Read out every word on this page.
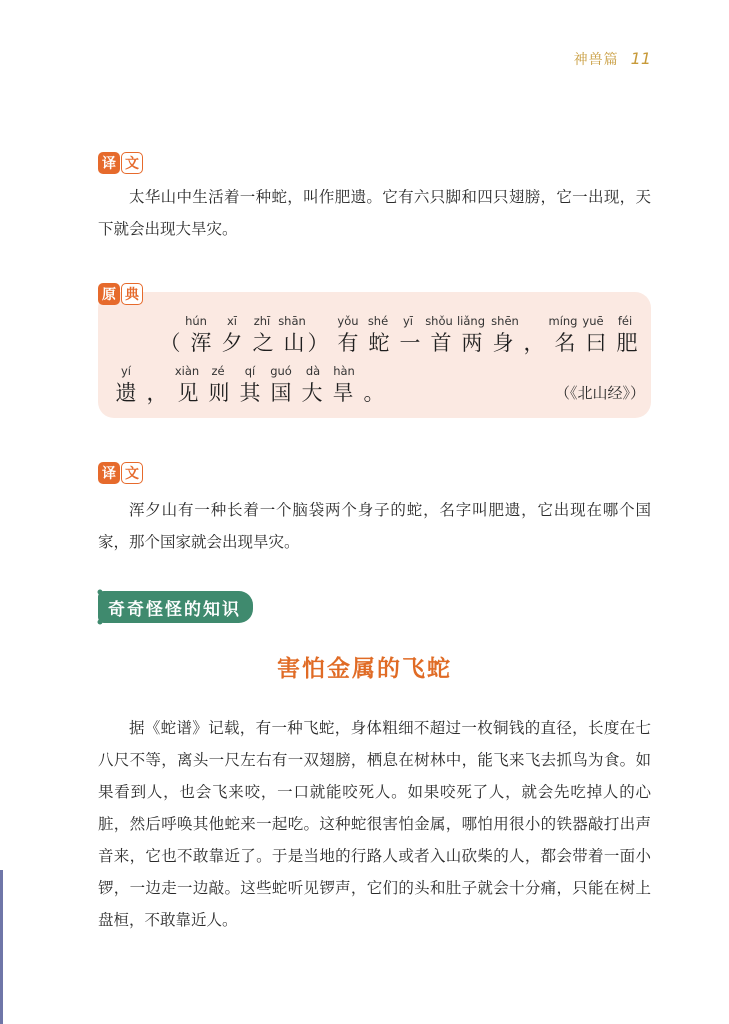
神兽篇 11
译 文

太华山中生活着一种蛇，叫作肥遗。它有六只脚和四只翅膀，它一出现，天下就会出现大旱灾。

原 典
hún xī zhī shān	yǒu shé yī shǒu liǎng shēn	míng yuē féi
（ 浑 夕 之 山 ） 有 蛇 一 首 两 身 ， 名 曰 肥
yí	xiàn zé qí guó dà hàn
遗 ， 见 则 其 国 大 旱 。	（《北山经》）
译 文

浑夕山有一种长着一个脑袋两个身子的蛇，名字叫肥遗，它出现在哪个国家，那个国家就会出现旱灾。

奇奇怪怪的知识
害怕金属的飞蛇

据《蛇谱》记载，有一种飞蛇，身体粗细不超过一枚铜钱的直径，长度在七八尺不等，离头一尺左右有一双翅膀，栖息在树林中，能飞来飞去抓鸟为食。如果看到人，也会飞来咬，一口就能咬死人。如果咬死了人，就会先吃掉人的心脏，然后呼唤其他蛇来一起吃。这种蛇很害怕金属，哪怕用很小的铁器敲打出声音来，它也不敢靠近了。于是当地的行路人或者入山砍柴的人，都会带着一面小锣，一边走一边敲。这些蛇听见锣声，它们的头和肚子就会十分痛，只能在树上盘桓，不敢靠近人。
